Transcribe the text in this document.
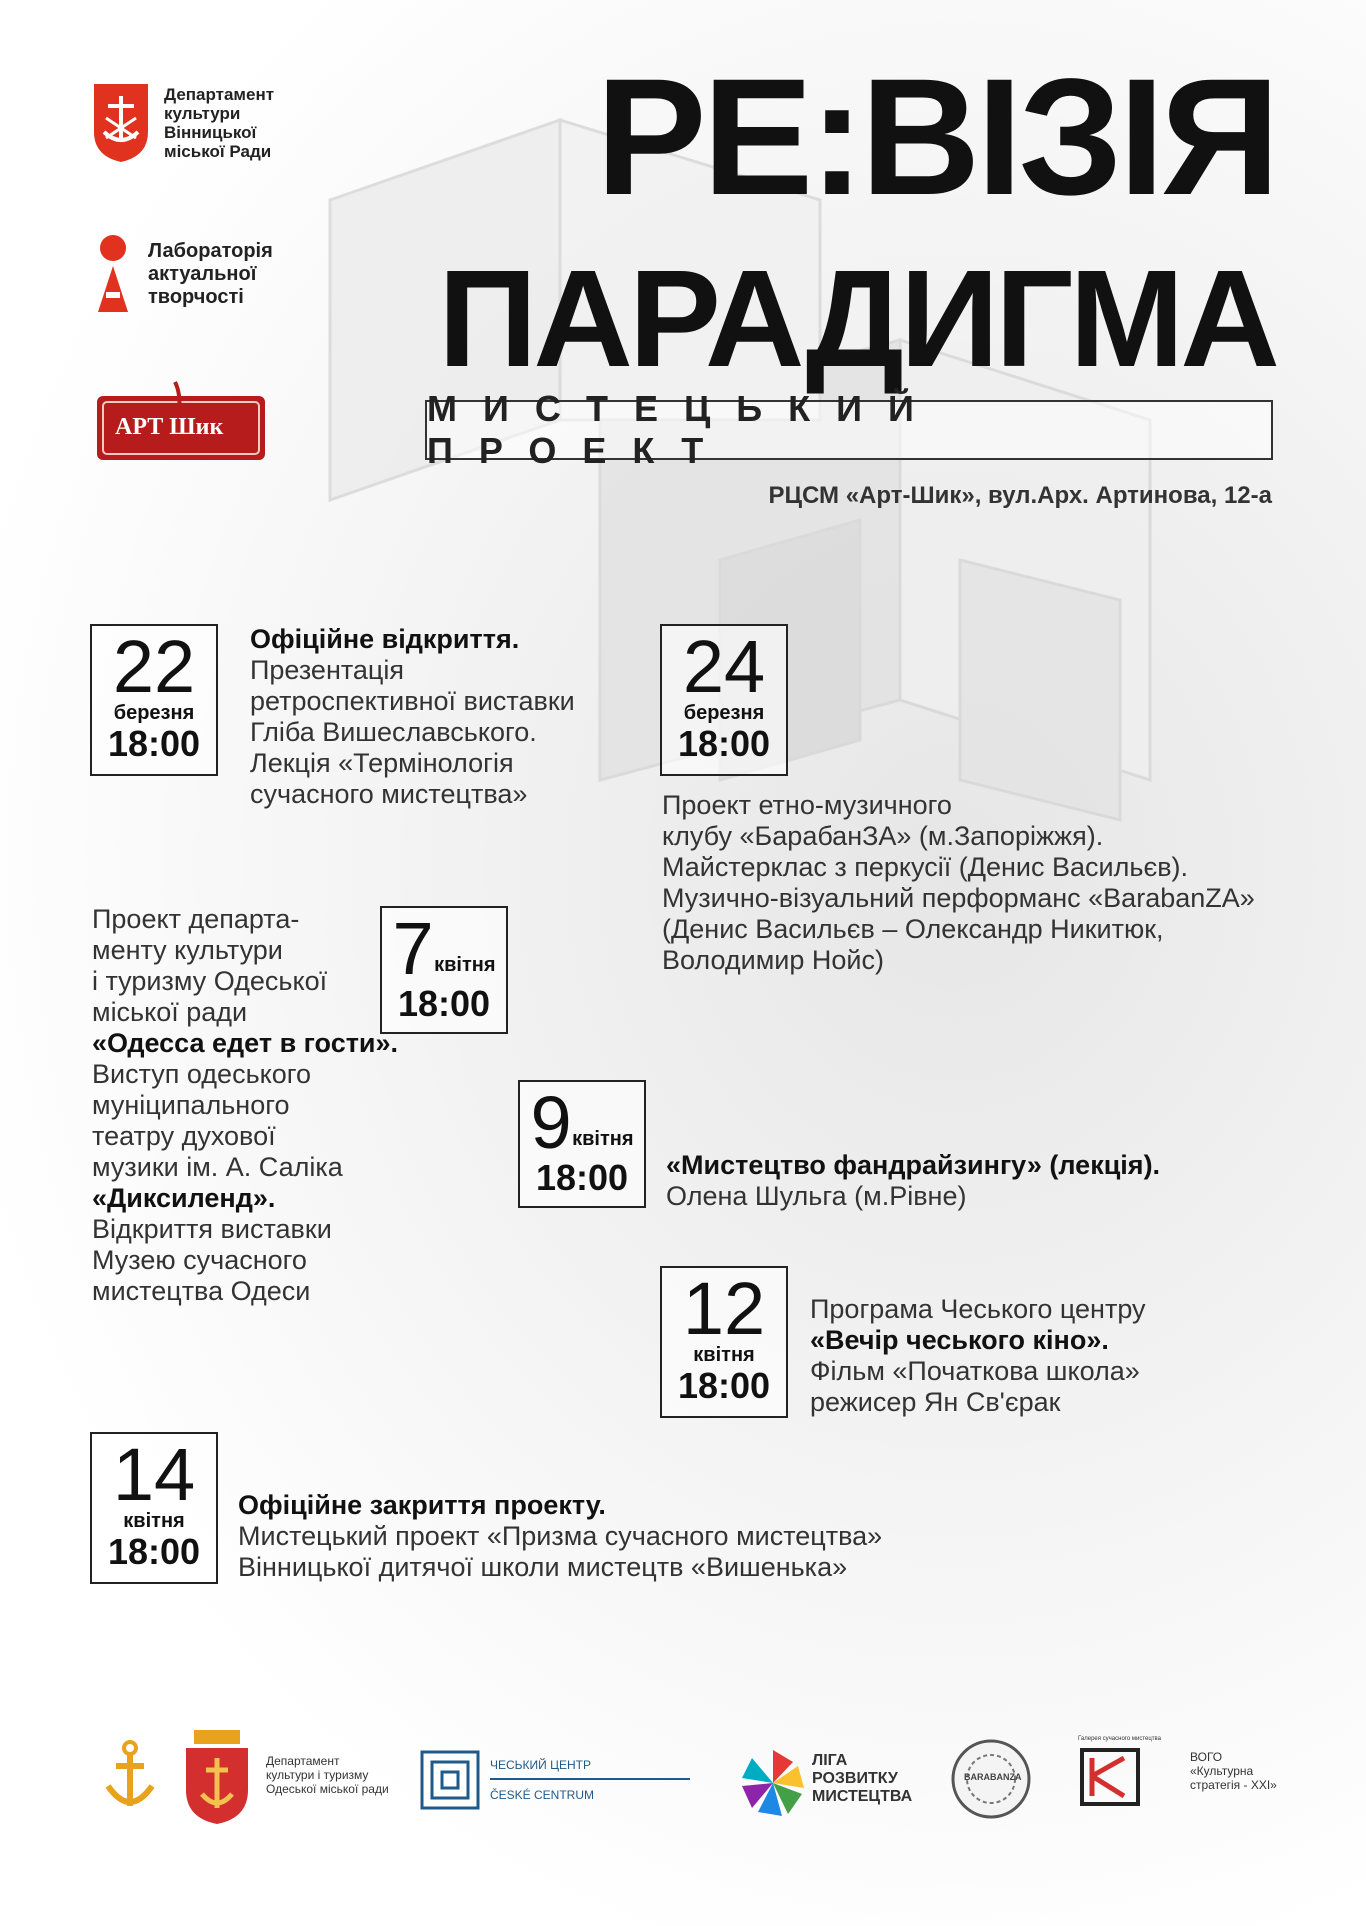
Департамент
культури
Вінницької
міської Ради
Лабораторія
актуальної
творчості
АРТ Шик
РЕ:ВІЗІЯ
ПАРАДИГМА
МИСТЕЦЬКИЙ ПРОЕКТ
РЦСМ «Арт-Шик», вул.Арх. Артинова, 12-а
22
березня
18:00
Офіційне відкриття.
Презентація
ретроспективної виставки
Гліба Вишеславського.
Лекція «Термінологія
сучасного мистецтва»
24
березня
18:00
Проект етно-музичного
клубу «БарабанЗА» (м.Запоріжжя).
Майстерклас з перкусії (Денис Васильєв).
Музично-візуальний перформанс «BarabanZA»
(Денис Васильєв – Олександр Никитюк,
Володимир Нойс)
7 квітня
18:00
Проект департа-
менту культури
і туризму Одеської
міської ради
«Одесса едет в гости».
Виступ одеського
муніципального
театру духової
музики ім. А. Саліка
«Диксиленд».
Відкриття виставки
Музею сучасного
мистецтва Одеси
9 квітня
18:00	«Мистецтво фандрайзингу» (лекція).
Олена Шульга (м.Рівне)
12
квітня
18:00
Програма Чеського центру
«Вечір чеського кіно».
Фільм «Початкова школа»
режисер Ян Св'єрак
14
квітня
18:00
Офіційне закриття проекту.
Мистецький проект «Призма сучасного мистецтва»
Вінницької дитячої школи мистецтв «Вишенька»
Департамент
культури і туризму
Одеської міської ради
ЧЕСЬКИЙ ЦЕНТР
ČESKÉ CENTRUM
ЛІГА
РОЗВИТКУ
МИСТЕЦТВА
BARABANZA
Галерея сучасного мистецтва
ВОГО
«Культурна
стратегія - XXI»
